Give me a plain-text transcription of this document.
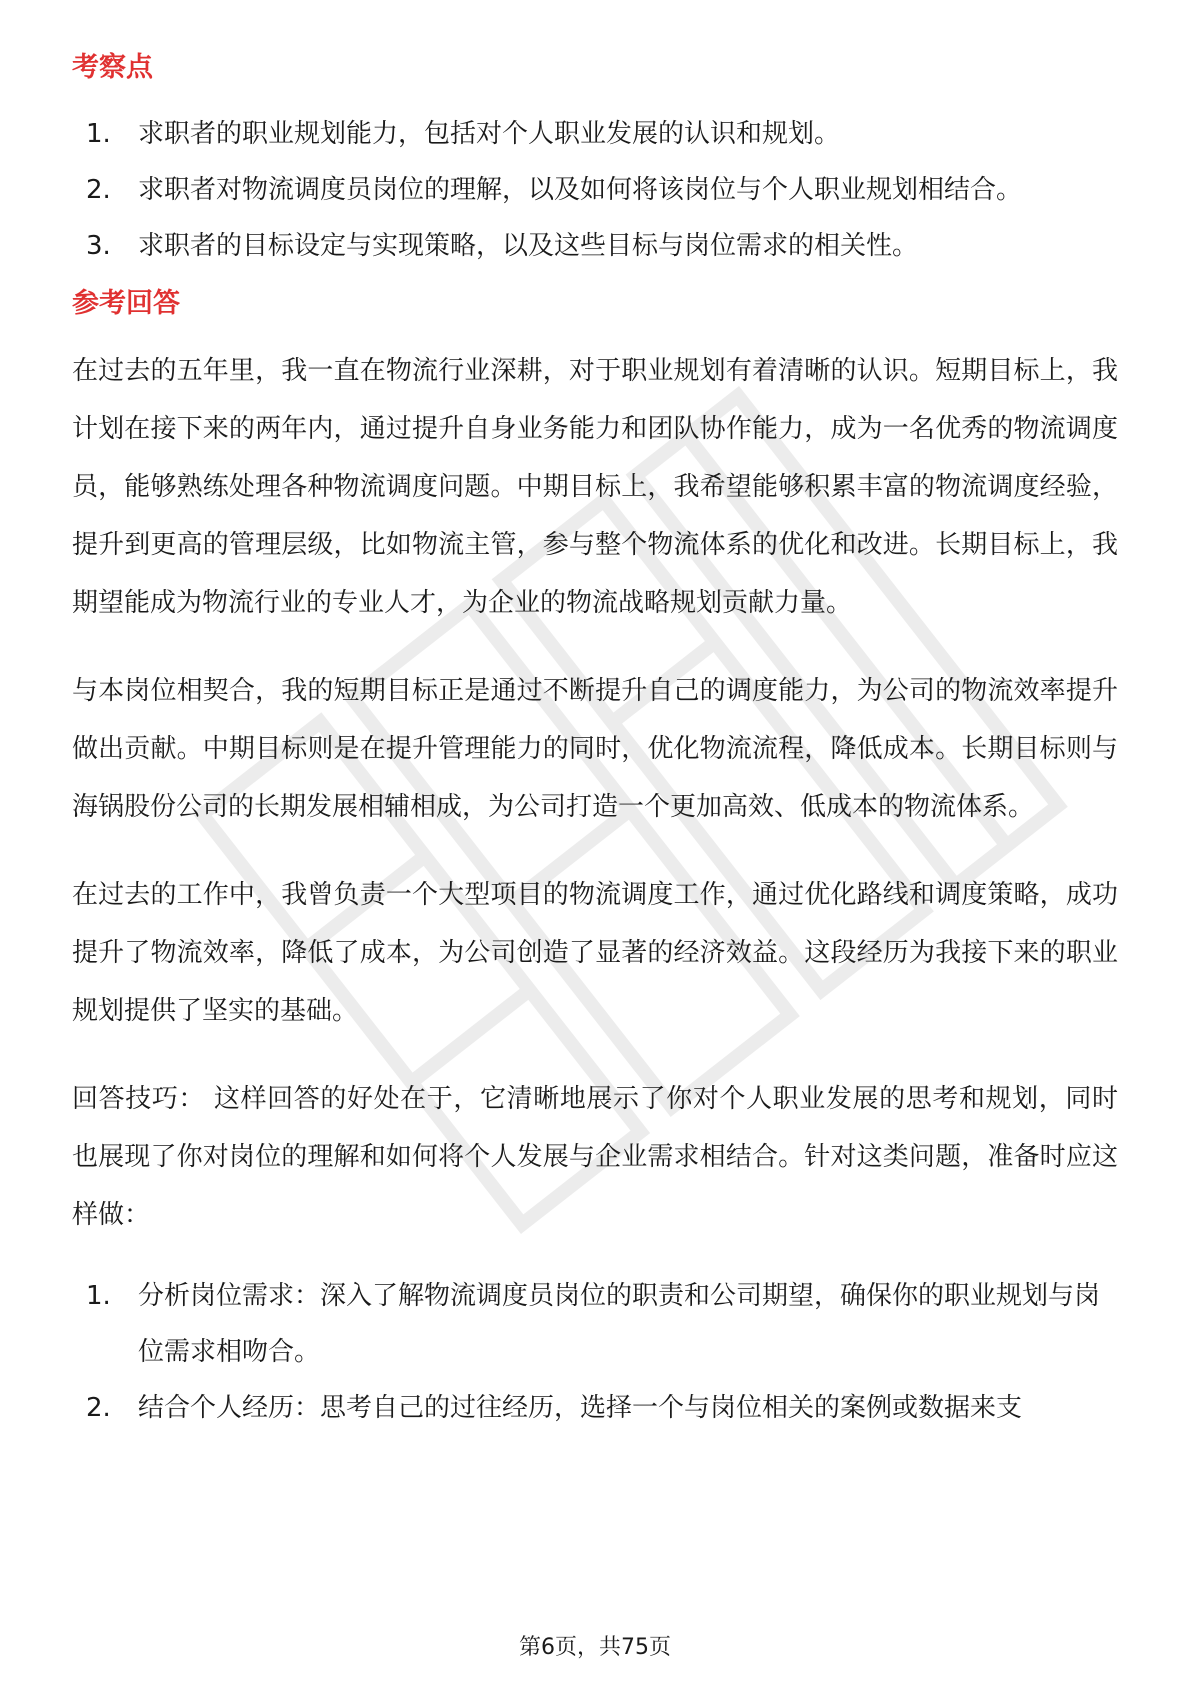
考察点
1.	求职者的职业规划能力，包括对个人职业发展的认识和规划。
2.	求职者对物流调度员岗位的理解，以及如何将该岗位与个人职业规划相结合。
3.	求职者的目标设定与实现策略，以及这些目标与岗位需求的相关性。
参考回答

在过去的五年里，我一直在物流行业深耕，对于职业规划有着清晰的认识。短期目标上，我计划在接下来的两年内，通过提升自身业务能力和团队协作能力，成为一名优秀的物流调度员，能够熟练处理各种物流调度问题。中期目标上，我希望能够积累丰富的物流调度经验，提升到更高的管理层级，比如物流主管，参与整个物流体系的优化和改进。长期目标上，我期望能成为物流行业的专业人才，为企业的物流战略规划贡献力量。

与本岗位相契合，我的短期目标正是通过不断提升自己的调度能力，为公司的物流效率提升做出贡献。中期目标则是在提升管理能力的同时，优化物流流程，降低成本。长期目标则与海锅股份公司的长期发展相辅相成，为公司打造一个更加高效、低成本的物流体系。

在过去的工作中，我曾负责一个大型项目的物流调度工作，通过优化路线和调度策略，成功提升了物流效率，降低了成本，为公司创造了显著的经济效益。这段经历为我接下来的职业规划提供了坚实的基础。

回答技巧： 这样回答的好处在于，它清晰地展示了你对个人职业发展的思考和规划，同时也展现了你对岗位的理解和如何将个人发展与企业需求相结合。针对这类问题，准备时应这样做：

1.	分析岗位需求：深入了解物流调度员岗位的职责和公司期望，确保你的职业规划与岗位需求相吻合。
2.	结合个人经历：思考自己的过往经历，选择一个与岗位相关的案例或数据来支
第6页，共75页
